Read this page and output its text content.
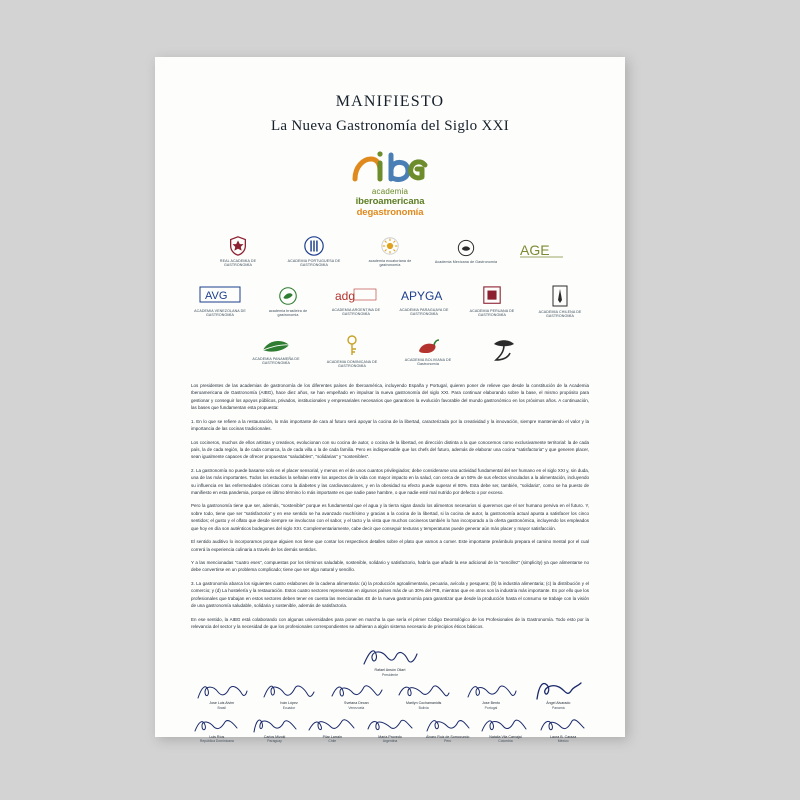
MANIFIESTO
La Nueva Gastronomía del Siglo XXI
academia
iberoamericana
degastronomía
REAL ACADEMIA DE GASTRONOMÍA
ACADEMIA PORTUGUESA DE GASTRONOMIA
academia ecuatoriana de gastronomía
Academia Mexicana de Gastronomía
AGE
AVG
ACADEMIA VENEZOLANA DE GASTRONOMÍA
academia brasileira de gastronomia
adg
ACADEMIA ARGENTINA DE GASTRONOMÍA
APYGA
ACADEMIA PARAGUAYA DE GASTRONOMÍA
ACADEMIA PERUANA DE GASTRONOMÍA
ACADEMIA CHILENA DE GASTRONOMÍA
ACADEMIA PANAMEÑA DE GASTRONOMÍA	ACADEMIA DOMINICANA DE GASTRONOMÍA
ACADEMIA BOLIVIANA DE Gastronomía

Los presidentes de las academias de gastronomía de los diferentes países de Iberoamérica, incluyendo España y Portugal, quieren poner de relieve que desde la constitución de la Academia Iberoamericana de Gastronomía (AIBG), hace diez años, se han empeñado en impulsar la nueva gastronomía del siglo XXI. Para continuar elaborando sobre la base, el mismo propósito para gestionar y conseguir los apoyos públicos, privados, institucionales y empresariales necesarios que garanticen la evolución favorable del mundo gastronómico en los próximos años. A continuación, las bases que fundamentan esta propuesta:

1. En lo que se refiere a la restauración, lo más importante de cara al futuro será apoyar la cocina de la libertad, caracterizada por la creatividad y la innovación, siempre manteniendo el valor y la importancia de las cocinas tradicionales.

Los cocineros, muchos de ellos artistas y creativos, evolucionan con su cocina de autor, o cocina de la libertad, en dirección distinta a la que conocemos como exclusivamente territorial: la de cada país, la de cada región, la de cada comarca, la de cada villa o la de cada familia. Pero es indispensable que los chefs del futuro, además de elaborar una cocina "satisfactoria" y que generen placer, sean igualmente capaces de ofrecer propuestas "saludables", "solidarias" y "sostenibles".

2. La gastronomía no puede basarse solo en el placer sensorial, y menos en el de unos cuantos privilegiados; debe considerarse una actividad fundamental del ser humano en el siglo XXI y, sin duda, una de las más importantes. Todos los estudios la señalan entre los aspectos de la vida con mayor impacto en la salud, con cerca de un 50% de sus efectos vinculados a la alimentación, incluyendo su influencia en las enfermedades crónicas como la diabetes y las cardiovasculares, y en la obesidad su efecto puede superar el 80%. Esta debe ser, también, "solidaria", como se ha puesto de manifiesto en esta pandemia, porque en último término lo más importante es que nadie pase hambre, o que nadie esté mal nutrido por defecto o por exceso.

Pero la gastronomía tiene que ser, además, "sostenible" porque es fundamental que el agua y la tierra sigan dando los alimentos necesarios si queremos que el ser humano perviva en el futuro. Y, sobre todo, tiene que ser "satisfactoria" y en ese sentido se ha avanzado muchísimo y gracias a la cocina de la libertad, si la cocina de autor, la gastronomía actual apunta a satisfacer los cinco sentidos; el gusto y el olfato que desde siempre se involucran con el sabor, y el tacto y la vista que muchos cocineros también lo han incorporado a la oferta gastronómica, incluyendo los empleados que hoy en día son auténticos bodegones del siglo XXI. Complementariamente, cabe decir que conseguir texturas y temperaturas puede generar aún más placer y mayor satisfacción.

El sentido auditivo lo incorporamos porque alguien nos tiene que contar los respectivos detalles sobre el plato que vamos a comer. Este importante preámbulo prepara el camino mental por el cual correrá la experiencia culinaria a través de los demás sentidos.

Y a las mencionadas "cuatro eses", compuestas por los términos saludable, sostenible, solidario y satisfactorio, habría que añadir la ese adicional de la "sencillez" (simplicity) ya que alimentarse no debe convertirse en un problema complicado; tiene que ser algo natural y sencillo.

3. La gastronomía abarca los siguientes cuatro eslabones de la cadena alimentaria: (a) la producción agroalimentaria, pecuaria, avícola y pesquera; (b) la industria alimentaria; (c) la distribución y el comercio; y (d) La hostelería y la restauración. Estos cuatro sectores representan en algunos países más de un 30% del PIB, mientras que en otros son la industria más importante. Es por ello que los profesionales que trabajan en estos sectores deben tener en cuenta las mencionadas 4S de la nueva gastronomía para garantizar que desde la producción hasta el consumo se trabaje con la visión de una gastronomía saludable, solidaria y sostenible, además de satisfactoria.

En ese sentido, la AIBG está colaborando con algunas universidades para poner en marcha la que sería el primer Código Deontológico de los Profesionales de la Gastronomía. Todo esto por la relevancia del sector y la necesidad de que los profesionales correspondientes se adhieran a algún sistema necesario de principios éticos básicos.

Rafael Ansón Oliart
Presidente
Jose Luis Alvim
Brasil
Iván López
Ecuador
Svetana Decan
Venezuela
Marilyn Cochamanidis
Bolivia
Jose Bento
Portugal
Ángel Alvarado
Panamá
Luis Ríos
República Dominicana
Carlos Mizoki
Paraguay
Pilar Larrain
Chile
María Provedo
Argentina
Álvaro Ruiz de Somocurcio
Perú
Natalia Vila Carvajal
Colombia
Laura B. Caraza
México
